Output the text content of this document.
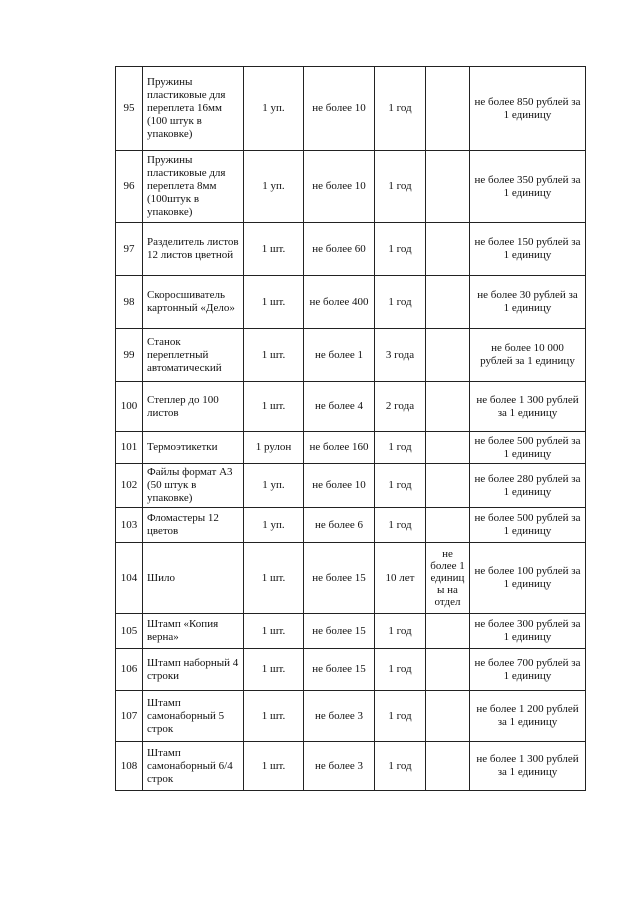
95	Пружины пластиковые для переплета 16мм (100 штук в упаковке)	1 уп.	не более 10	1 год		не более 850 рублей за 1 единицу
96	Пружины пластиковые для переплета 8мм (100штук в упаковке)	1 уп.	не более 10	1 год		не более 350 рублей за 1 единицу
97	Разделитель листов 12 листов цветной	1 шт.	не более 60	1 год		не более 150 рублей за 1 единицу
98	Скоросшиватель картонный «Дело»	1 шт.	не более 400	1 год		не более 30 рублей за 1 единицу
99	Станок переплетный автоматический	1 шт.	не более 1	3 года		не более 10 000 рублей за 1 единицу
100	Степлер до 100 листов	1 шт.	не более 4	2 года		не более 1 300 рублей за 1 единицу
101	Термоэтикетки	1 рулон	не более 160	1 год		не более 500 рублей за 1 единицу
102	Файлы формат А3 (50 штук в упаковке)	1 уп.	не более 10	1 год		не более 280 рублей за 1 единицу
103	Фломастеры 12 цветов	1 уп.	не более 6	1 год		не более 500 рублей за 1 единицу
104	Шило	1 шт.	не более 15	10 лет	не более 1 единиц ы на отдел	не более 100 рублей за 1 единицу
105	Штамп «Копия верна»	1 шт.	не более 15	1 год		не более 300 рублей за 1 единицу
106	Штамп наборный 4 строки	1 шт.	не более 15	1 год		не более 700 рублей за 1 единицу
107	Штамп самонаборный 5 строк	1 шт.	не более 3	1 год		не более 1 200 рублей за 1 единицу
108	Штамп самонаборный 6/4 строк	1 шт.	не более 3	1 год		не более 1 300 рублей за 1 единицу
